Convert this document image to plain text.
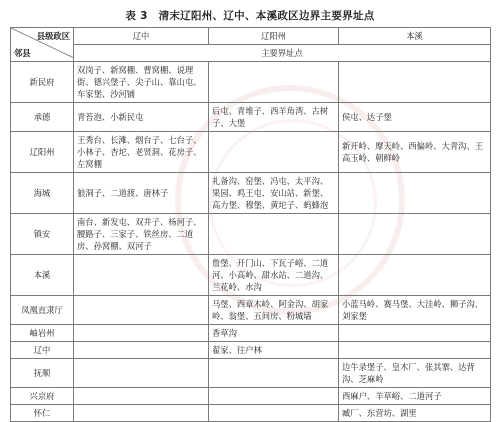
表 3　清末辽阳州、辽中、本溪政区边界主要界址点
县级政区
邻县	辽中	辽阳州	本溪
	主要界址点		
新民府	双岗子、新窝棚、曹窝棚、说理街、德兴堡子、尖子山、靠山屯、车家堡、沙河铺		
承德	青苔泡、小新民屯	后屯、青堆子、西羊角湾、古树子、大堡	侯屯、达子堡
辽阳州	王秀台、长滩、烟台子、七台子、小林子、杏坨、老贤洞、花房子、左窝棚		新开岭、摩天岭、西偏岭、大青沟、王高玉岭、朝鲜岭
海城	狼洞子、二道渡、唐林子	礼备沟、窑堡、冯屯、太平沟、果园、鸡王屯、安山站、新堡、高力堡、穆堡、黄坨子、蚂蜂泡	
镇安	南台、新发屯、双井子、杨河子、腰路子、三家子、铁丝房、二道房、孙窝棚、双河子		
本溪		詹堡、开门山、下瓦子峪、二道河、小高岭、甜水站、二道沟、兰花岭、水沟	
凤凰直隶厅		马堡、西章木岭、阿金沟、胡家岭、翁堡、五间房、粉城墙	小蓝马岭、赛马堡、大洼岭、狮子沟、刘家堡
岫岩州		香草沟	
辽中		翟家、往户林	
抚顺			边牛录堡子、皇木厂、张其寨、达背沟、芝麻岭
兴京府			西麻户、羊草峪、二道河子
怀仁			臧厂、东营坊、湖里
